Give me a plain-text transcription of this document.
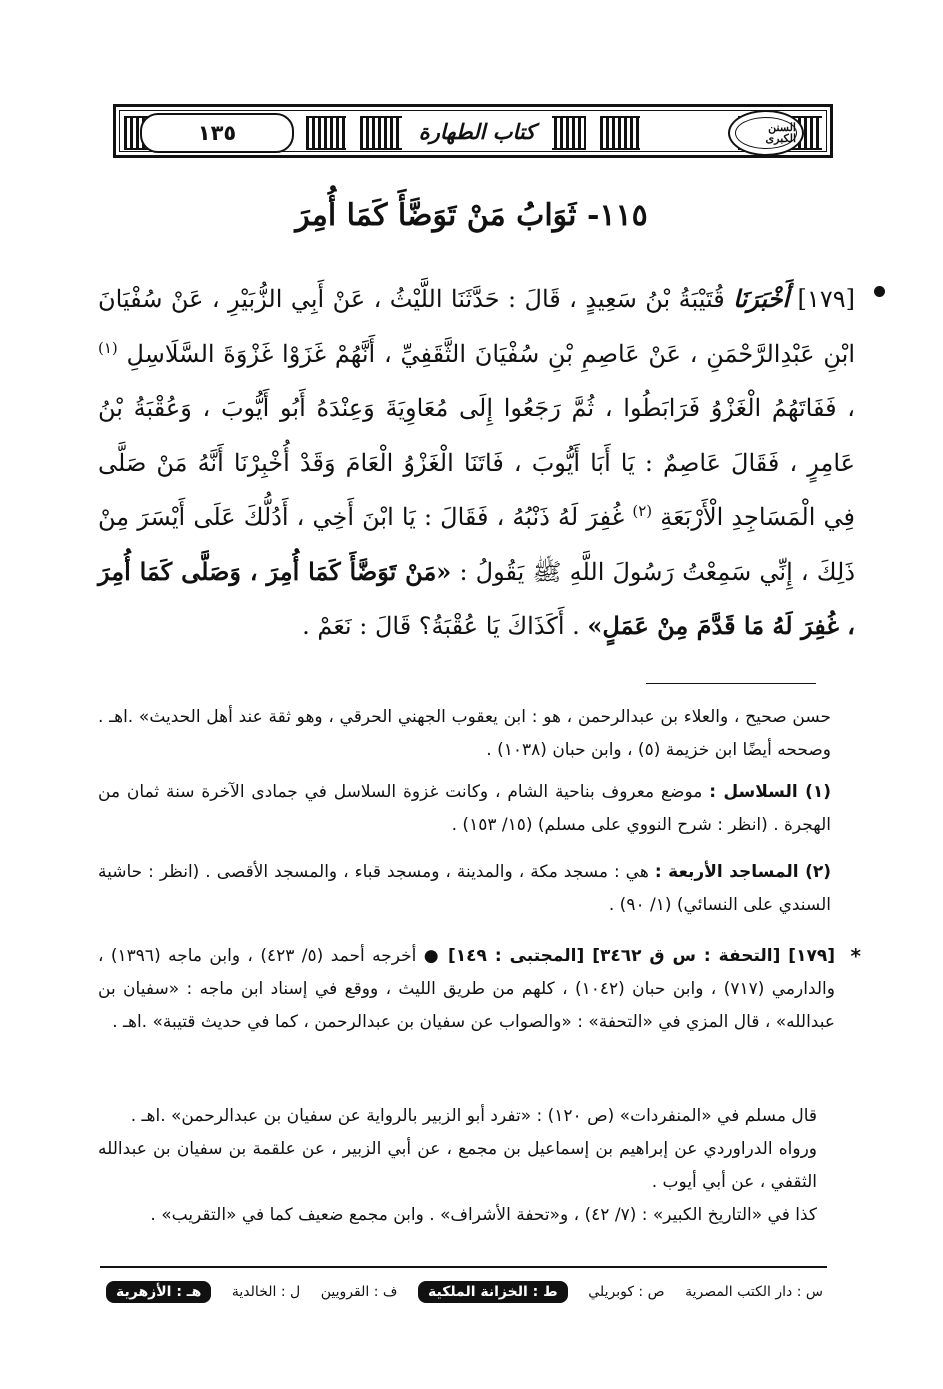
١٣٥	كتاب الطهارة	السنن الكبرى
١١٥- ثَوَابُ مَنْ تَوَضَّأَ كَمَا أُمِرَ
[١٧٩] أَخْبَرَنَا قُتَيْبَةُ بْنُ سَعِيدٍ ، قَالَ : حَدَّثَنَا اللَّيْثُ ، عَنْ أَبِي الزُّبَيْرِ ، عَنْ سُفْيَانَ ابْنِ عَبْدِالرَّحْمَنِ ، عَنْ عَاصِمِ بْنِ سُفْيَانَ الثَّقَفِيِّ ، أَنَّهُمْ غَزَوْا غَزْوَةَ السَّلَاسِلِ $^{(١)}$ ، فَفَاتَهُمُ الْغَزْوُ فَرَابَطُوا ، ثُمَّ رَجَعُوا إِلَى مُعَاوِيَةَ وَعِنْدَهُ أَبُو أَيُّوبَ ، وَعُقْبَةُ بْنُ عَامِرٍ ، فَقَالَ عَاصِمٌ : يَا أَبَا أَيُّوبَ ، فَاتَنَا الْغَزْوُ الْعَامَ وَقَدْ أُخْبِرْنَا أَنَّهُ مَنْ صَلَّى فِي الْمَسَاجِدِ الْأَرْبَعَةِ $^{(٢)}$ غُفِرَ لَهُ ذَنْبُهُ ، فَقَالَ : يَا ابْنَ أَخِي ، أَدُلُّكَ عَلَى أَيْسَرَ مِنْ ذَلِكَ ، إِنِّي سَمِعْتُ رَسُولَ اللَّهِ ﷺ يَقُولُ : «مَنْ تَوَضَّأَ كَمَا أُمِرَ ، وَصَلَّى كَمَا أُمِرَ ، غُفِرَ لَهُ مَا قَدَّمَ مِنْ عَمَلٍ» . أَكَذَاكَ يَا عُقْبَةُ؟ قَالَ : نَعَمْ .
حسن صحيح ، والعلاء بن عبدالرحمن ، هو : ابن يعقوب الجهني الحرقي ، وهو ثقة عند أهل الحديث» .اهـ . وصححه أيضًا ابن خزيمة (٥) ، وابن حبان (١٠٣٨) .
(١) السلاسل : موضع معروف بناحية الشام ، وكانت غزوة السلاسل في جمادى الآخرة سنة ثمان من الهجرة . (انظر : شرح النووي على مسلم) (١٥/ ١٥٣) .
(٢) المساجد الأربعة : هي : مسجد مكة ، والمدينة ، ومسجد قباء ، والمسجد الأقصى . (انظر : حاشية السندي على النسائي) (١/ ٩٠) .
*
[١٧٩] [التحفة : س ق ٣٤٦٢] [المجتبى : ١٤٩] ● أخرجه أحمد (٥/ ٤٢٣) ، وابن ماجه (١٣٩٦) ، والدارمي (٧١٧) ، وابن حبان (١٠٤٢) ، كلهم من طريق الليث ، ووقع في إسناد ابن ماجه : «سفيان بن عبدالله» ، قال المزي في «التحفة» : «والصواب عن سفيان بن عبدالرحمن ، كما في حديث قتيبة» .اهـ .
قال مسلم في «المنفردات» (ص ١٢٠) : «تفرد أبو الزبير بالرواية عن سفيان بن عبدالرحمن» .اهـ .
ورواه الدراوردي عن إبراهيم بن إسماعيل بن مجمع ، عن أبي الزبير ، عن علقمة بن سفيان بن عبدالله الثقفي ، عن أبي أيوب .
كذا في «التاريخ الكبير» : (٧/ ٤٢) ، و«تحفة الأشراف» . وابن مجمع ضعيف كما في «التقريب» .
س : دار الكتب المصرية
ص : كوبريلي
ط : الخزانة الملكية
ف : القرويين
ل : الخالدية
هـ : الأزهرية
